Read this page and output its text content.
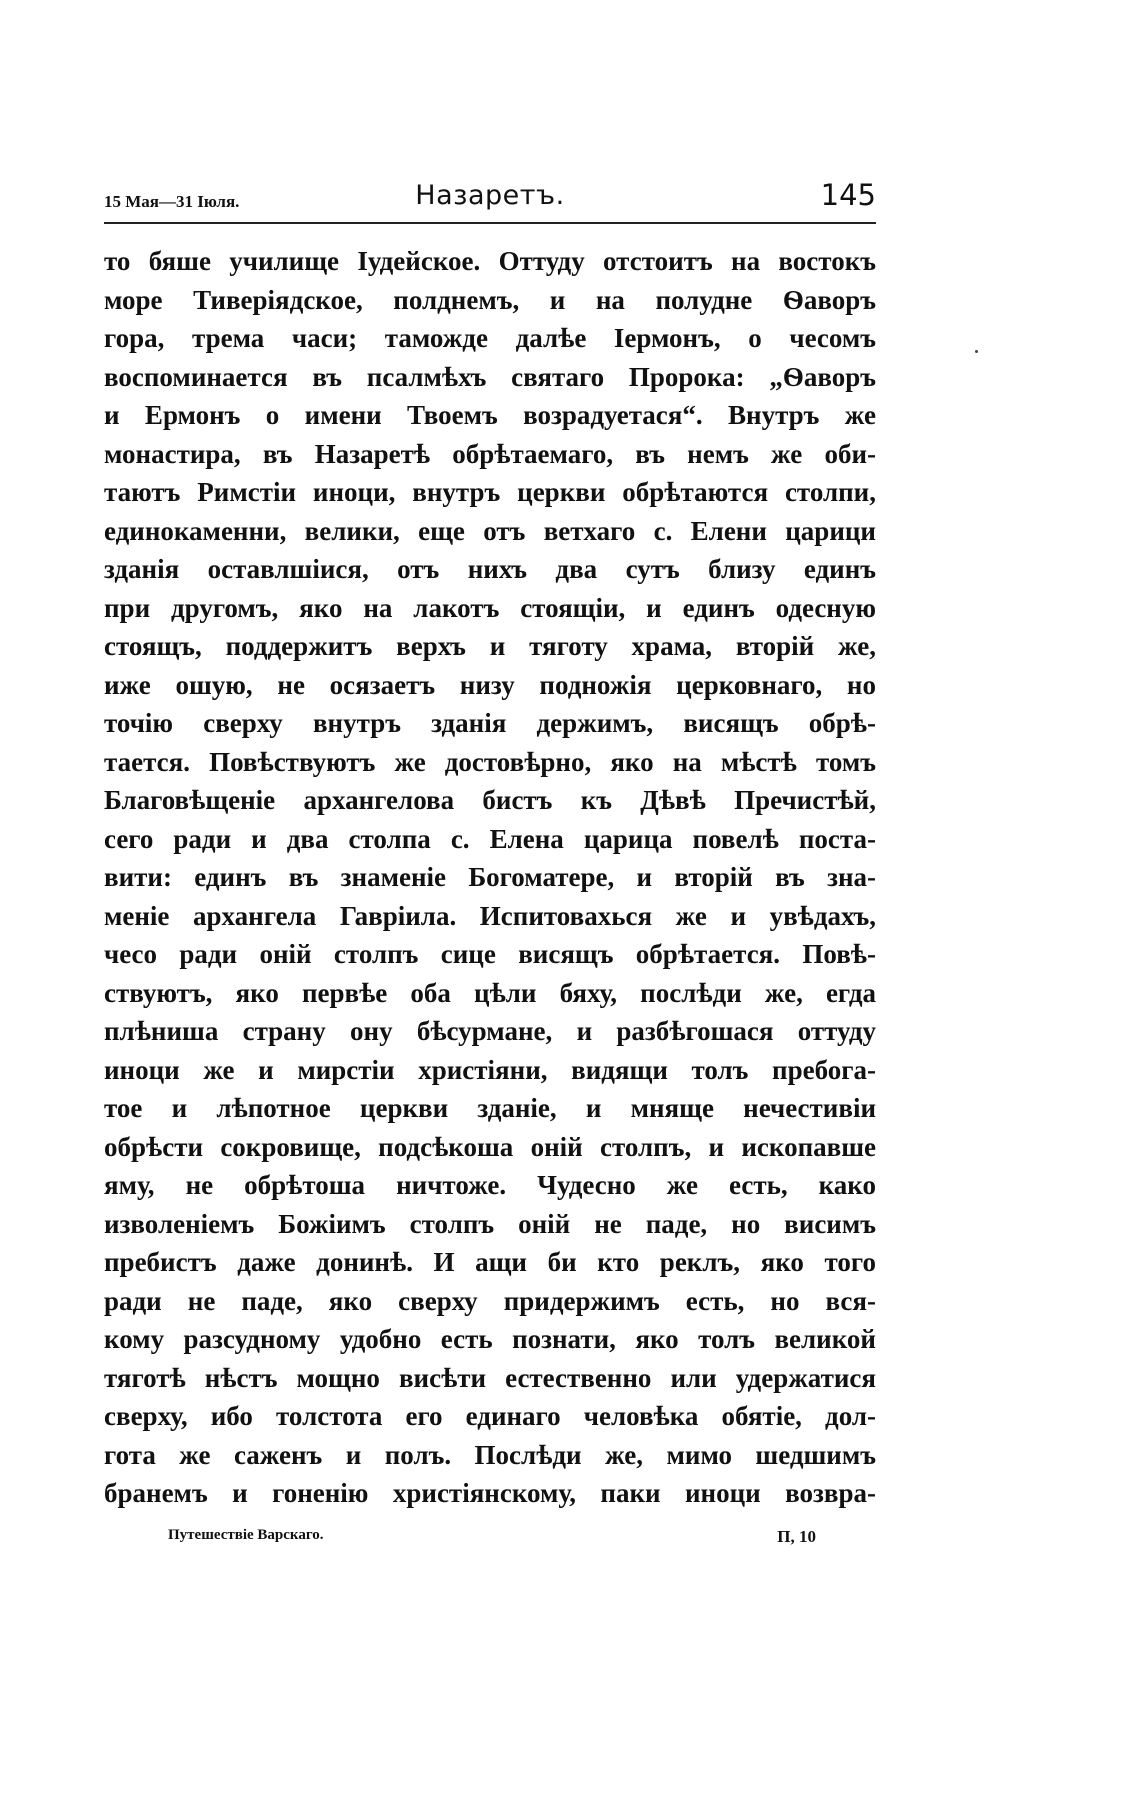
15 Мая—31 Іюля.	Назаретъ.	145
то бяше училище Іудейское. Оттуду отстоитъ на востокъ
море Тиверіядское, полднемъ, и на полудне Ѳаворъ
гора, трема часи; таможде далѣе Іермонъ, о чесомъ
воспоминается въ псалмѣхъ святаго Пророка: „Ѳаворъ
и Ермонъ о имени Твоемъ возрадуетася“. Внутръ же
монастира, въ Назаретѣ обрѣтаемаго, въ немъ же оби-
таютъ Римстіи иноци, внутръ церкви обрѣтаются столпи,
единокаменни, велики, еще отъ ветхаго с. Елени царици
зданія оставлшіися, отъ нихъ два сутъ близу единъ
при другомъ, яко на лакотъ стоящіи, и единъ одесную
стоящъ, поддержитъ верхъ и тяготу храма, вторій же,
иже ошую, не осязаетъ низу подножія церковнаго, но
точію сверху внутръ зданія держимъ, висящъ обрѣ-
тается. Повѣствуютъ же достовѣрно, яко на мѣстѣ томъ
Благовѣщеніе архангелова бистъ къ Дѣвѣ Пречистѣй,
сего ради и два столпа с. Елена царица повелѣ поста-
вити: единъ въ знаменіе Богоматере, и вторій въ зна-
меніе архангела Гавріила. Испитовахься же и увѣдахъ,
чесо ради оній столпъ сице висящъ обрѣтается. Повѣ-
ствуютъ, яко первѣе оба цѣли бяху, послѣди же, егда
плѣниша страну ону бѣсурмане, и разбѣгошася оттуду
иноци же и мирстіи христіяни, видящи толъ пребога-
тое и лѣпотное церкви зданіе, и мняще нечестивіи
обрѣсти сокровище, подсѣкоша оній столпъ, и ископавше
яму, не обрѣтоша ничтоже. Чудесно же есть, како
изволеніемъ Божіимъ столпъ оній не паде, но висимъ
пребистъ даже донинѣ. И ащи би кто реклъ, яко того
ради не паде, яко сверху придержимъ есть, но вся-
кому разсудному удобно есть познати, яко толъ великой
тяготѣ нѣстъ мощно висѣти естественно или удержатися
сверху, ибо толстота его единаго человѣка обятіе, дол-
гота же саженъ и полъ. Послѣди же, мимо шедшимъ
бранемъ и гоненію христіянскому, паки иноци возвра-
Путешествіе Варскаго.	П, 10
